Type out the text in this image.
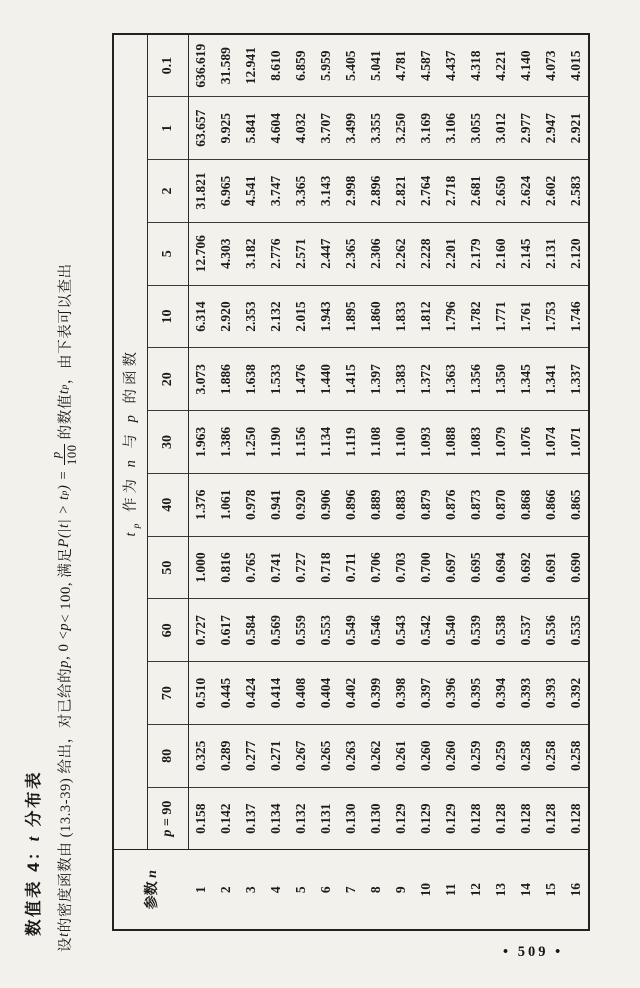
数值表 4：t 分布表

设
t
的密度函数由 (13.3-39) 给出，对已给的
p
, 0 <
p
< 100, 满足
P(|t| > t
p
) =
p 100
的数值
t
p
，由下表可以查出

参数 n	$t_p$ 作为 n 与 p 的函数												
	p = 90	80	70	60	50	40	30	20	10	5	2	1	0.1
1	0.158	0.325	0.510	0.727	1.000	1.376	1.963	3.073	6.314	12.706	31.821	63.657	636.619
2	0.142	0.289	0.445	0.617	0.816	1.061	1.386	1.886	2.920	4.303	6.965	9.925	31.589
3	0.137	0.277	0.424	0.584	0.765	0.978	1.250	1.638	2.353	3.182	4.541	5.841	12.941
4	0.134	0.271	0.414	0.569	0.741	0.941	1.190	1.533	2.132	2.776	3.747	4.604	8.610
5	0.132	0.267	0.408	0.559	0.727	0.920	1.156	1.476	2.015	2.571	3.365	4.032	6.859
6	0.131	0.265	0.404	0.553	0.718	0.906	1.134	1.440	1.943	2.447	3.143	3.707	5.959
7	0.130	0.263	0.402	0.549	0.711	0.896	1.119	1.415	1.895	2.365	2.998	3.499	5.405
8	0.130	0.262	0.399	0.546	0.706	0.889	1.108	1.397	1.860	2.306	2.896	3.355	5.041
9	0.129	0.261	0.398	0.543	0.703	0.883	1.100	1.383	1.833	2.262	2.821	3.250	4.781
10	0.129	0.260	0.397	0.542	0.700	0.879	1.093	1.372	1.812	2.228	2.764	3.169	4.587
11	0.129	0.260	0.396	0.540	0.697	0.876	1.088	1.363	1.796	2.201	2.718	3.106	4.437
12	0.128	0.259	0.395	0.539	0.695	0.873	1.083	1.356	1.782	2.179	2.681	3.055	4.318
13	0.128	0.259	0.394	0.538	0.694	0.870	1.079	1.350	1.771	2.160	2.650	3.012	4.221
14	0.128	0.258	0.393	0.537	0.692	0.868	1.076	1.345	1.761	2.145	2.624	2.977	4.140
15	0.128	0.258	0.393	0.536	0.691	0.866	1.074	1.341	1.753	2.131	2.602	2.947	4.073
16	0.128	0.258	0.392	0.535	0.690	0.865	1.071	1.337	1.746	2.120	2.583	2.921	4.015
• 509 •
